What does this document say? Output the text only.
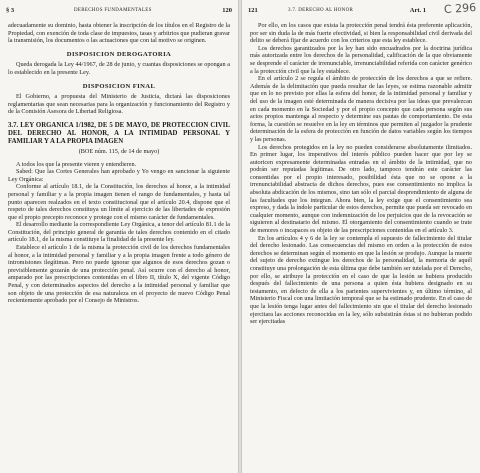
§ 3	DERECHOS FUNDAMENTALES	120

adecuadamente su dominio, hasta obtener la inscripción de los títulos en el Registro de la Propiedad, con exención de toda clase de impuestos, tasas y arbitrios que pudieran gravar la transmisión, los documentos o las actuaciones que con tal motivo se originen.

DISPOSICION DEROGATORIA

Queda derogada la Ley 44/1967, de 28 de junio, y cuantas disposiciones se opongan a lo establecido en la presente Ley.

DISPOSICION FINAL

El Gobierno, a propuesta del Ministerio de Justicia, dictará las disposiciones reglamentarias que sean necesarias para la organización y funcionamiento del Registro y de la Comisión Asesora de Libertad Religiosa.

3.7. LEY ORGANICA 1/1982, DE 5 DE MAYO, DE PROTECCION CIVIL DEL DERECHO AL HONOR, A LA INTIMIDAD PERSONAL Y FAMILIAR Y A LA PROPIA IMAGEN

(BOE núm. 115, de 14 de mayo)

A todos los que la presente vieren y entendieren.

Sabed: Que las Cortes Generales han aprobado y Yo vengo en sancionar la siguiente Ley Orgánica:

Conforme al artículo 18.1, de la Constitución, los derechos al honor, a la intimidad personal y familiar y a la propia imagen tienen el rango de fundamentales, y hasta tal punto aparecen realzados en el texto constitucional que el artículo 20.4, dispone que el respeto de tales derechos constituya un límite al ejercicio de las libertades de expresión que el propio precepto reconoce y protege con el mismo carácter de fundamentales.

El desarrollo mediante la correspondiente Ley Orgánica, a tenor del artículo 81.1 de la Constitución, del principio general de garantía de tales derechos contenido en el citado artículo 18.1, de la misma constituye la finalidad de la presente ley.

Establece el artículo 1 de la misma la protección civil de los derechos fundamentales al honor, a la intimidad personal y familiar y a la propia imagen frente a todo género de intromisiones ilegítimas. Pero no puede ignorar que algunos de esos derechos gozan o previsiblemente gozarán de una protección penal. Así ocurre con el derecho al honor, amparado por las prescripciones contenidas en el libro II, título X, del vigente Código Penal, y con determinados aspectos del derecho a la intimidad personal y familiar que son objeto de una protección de esa naturaleza en el proyecto de nuevo Código Penal recientemente aprobado por el Consejo de Ministros.

121	3.7. DERECHO AL HONOR	Art. 1 C 296

Por ello, en los casos que exista la protección penal tendrá ésta preferente aplicación, por ser sin duda la de más fuerte efectividad, si bien la responsabilidad civil derivada del delito se deberá fijar de acuerdo con los criterios que esta ley establece.

Los derechos garantizados por la ley han sido encuadrados por la doctrina jurídica más autorizada entre los derechos de la personalidad, calificación de la que obviamente se desprende el carácter de irrenunciable, irrenunciabilidad referida con carácter genérico a la protección civil que la ley establece.

En el artículo 2 se regula el ámbito de protección de los derechos a que se refiere. Además de la delimitación que pueda resultar de las leyes, se estima razonable admitir que en lo no previsto por ellas la esfera del honor, de la intimidad personal y familiar y del uso de la imagen esté determinada de manera decisiva por las ideas que prevalezcan en cada momento en la Sociedad y por el propio concepto que cada persona según sus actos propios mantenga al respecto y determine sus pautas de comportamiento. De esta forma, la cuestión se resuelve en la ley en términos que permiten al juzgador la prudente determinación de la esfera de protección en función de datos variables según los tiempos y las personas.

Los derechos protegidos en la ley no pueden considerarse absolutamente ilimitados. En primer lugar, los imperativos del interés público pueden hacer que por ley se autoricen expresamente determinadas entradas en el ámbito de la intimidad, que no podrán ser reputadas legítimas. De otro lado, tampoco tendrán este carácter las consentidas por el propio interesado, posibilidad ésta que no se opone a la irrenunciabilidad abstracta de dichos derechos, pues ese consentimiento no implica la absoluta abdicación de los mismos, sino tan sólo el parcial desprendimiento de alguna de las facultades que los integran. Ahora bien, la ley exige que el consentimiento sea expreso, y dada la índole particular de estos derechos, permite que pueda ser revocado en cualquier momento, aunque con indemnización de los perjuicios que de la revocación se siguieren al destinatario del mismo. El otorgamiento del consentimiento cuando se trate de menores o incapaces es objeto de las prescripciones contenidas en el artículo 3.

En los artículos 4 y 6 de la ley se contempla el supuesto de fallecimiento del titular del derecho lesionado. Las consecuencias del mismo en orden a la protección de estos derechos se determinan según el momento en que la lesión se produjo. Aunque la muerte del sujeto de derecho extingue los derechos de la personalidad, la memoria de aquél constituye una prolongación de esta última que debe también ser tutelada por el Derecho, por ello, se atribuye la protección en el caso de que la lesión se hubiera producido después del fallecimiento de una persona a quien ésta hubiera designado en su testamento, en defecto de ella a los parientes supervivientes y, en último término, al Ministerio Fiscal con una limitación temporal que se ha estimado prudente. En el caso de que la lesión tenga lugar antes del fallecimiento sin que el titular del derecho lesionado ejercitara las acciones reconocidas en la ley, sólo subsistirán éstas si no hubieran podido ser ejercitadas
